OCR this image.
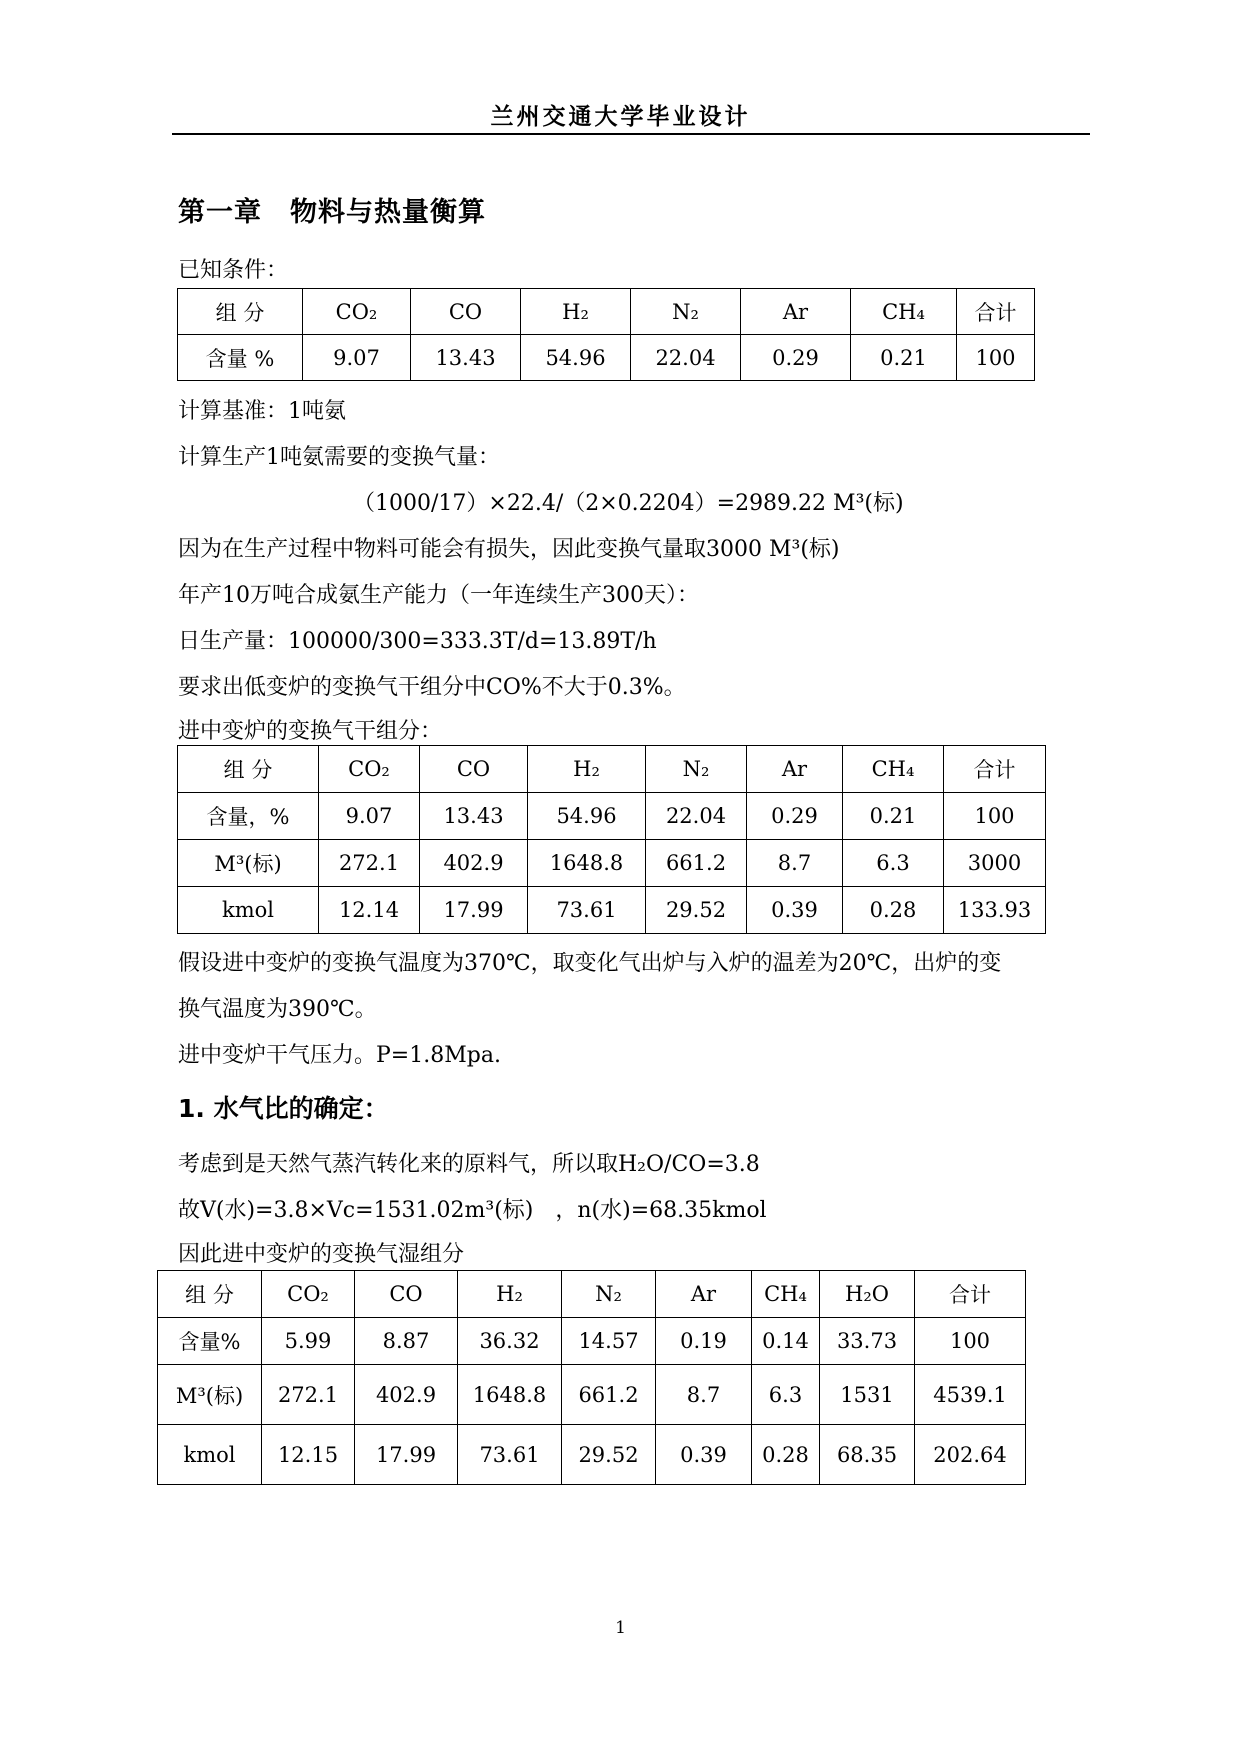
兰州交通大学毕业设计
第一章　物料与热量衡算
已知条件：
组 分	CO₂	CO	H₂	N₂	Ar	CH₄	合计
含量 %	9.07	13.43	54.96	22.04	0.29	0.21	100
计算基准：1吨氨
计算生产1吨氨需要的变换气量：
（1000/17）×22.4/（2×0.2204）=2989.22 M³(标)
因为在生产过程中物料可能会有损失，因此变换气量取3000 M³(标)
年产10万吨合成氨生产能力（一年连续生产300天）：
日生产量：100000/300=333.3T/d=13.89T/h
要求出低变炉的变换气干组分中CO%不大于0.3%。
进中变炉的变换气干组分：
组 分	CO₂	CO	H₂	N₂	Ar	CH₄	合计
含量，%	9.07	13.43	54.96	22.04	0.29	0.21	100
M³(标)	272.1	402.9	1648.8	661.2	8.7	6.3	3000
kmol	12.14	17.99	73.61	29.52	0.39	0.28	133.93
假设进中变炉的变换气温度为370℃，取变化气出炉与入炉的温差为20℃，出炉的变
换气温度为390℃。
进中变炉干气压力。P=1.8Mpa.
1. 水气比的确定：
考虑到是天然气蒸汽转化来的原料气，所以取H₂O/CO=3.8
故V(水)=3.8×Vc=1531.02m³(标)　，n(水)=68.35kmol
因此进中变炉的变换气湿组分
组 分	CO₂	CO	H₂	N₂	Ar	CH₄	H₂O	合计
含量%	5.99	8.87	36.32	14.57	0.19	0.14	33.73	100
M³(标)	272.1	402.9	1648.8	661.2	8.7	6.3	1531	4539.1
kmol	12.15	17.99	73.61	29.52	0.39	0.28	68.35	202.64
1
